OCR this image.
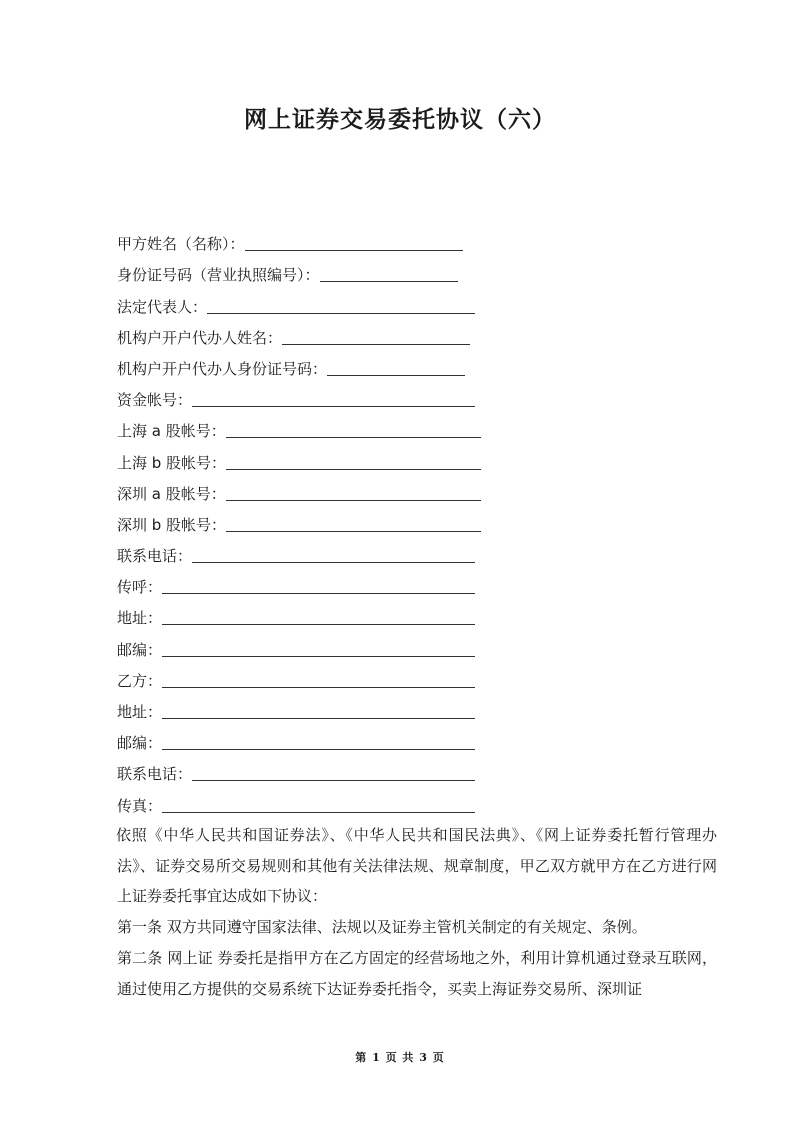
网上证券交易委托协议（六）
甲方姓名（名称）：
身份证号码（营业执照编号）：
法定代表人：
机构户开户代办人姓名：
机构户开户代办人身份证号码：
资金帐号：
上海 a 股帐号：
上海 b 股帐号：
深圳 a 股帐号：
深圳 b 股帐号：
联系电话：
传呼：
地址：
邮编：
乙方：
地址：
邮编：
联系电话：
传真：
依照《中华人民共和国证券法》、《中华人民共和国民法典》、《网上证券委托暂行管理办法》、证券交易所交易规则和其他有关法律法规、规章制度，甲乙双方就甲方在乙方进行网上证券委托事宜达成如下协议：
第一条 双方共同遵守国家法律、法规以及证券主管机关制定的有关规定、条例。
第二条 网上证 券委托是指甲方在乙方固定的经营场地之外，利用计算机通过登录互联网，通过使用乙方提供的交易系统下达证券委托指令，买卖上海证券交易所、深圳证
第 1 页 共 3 页
